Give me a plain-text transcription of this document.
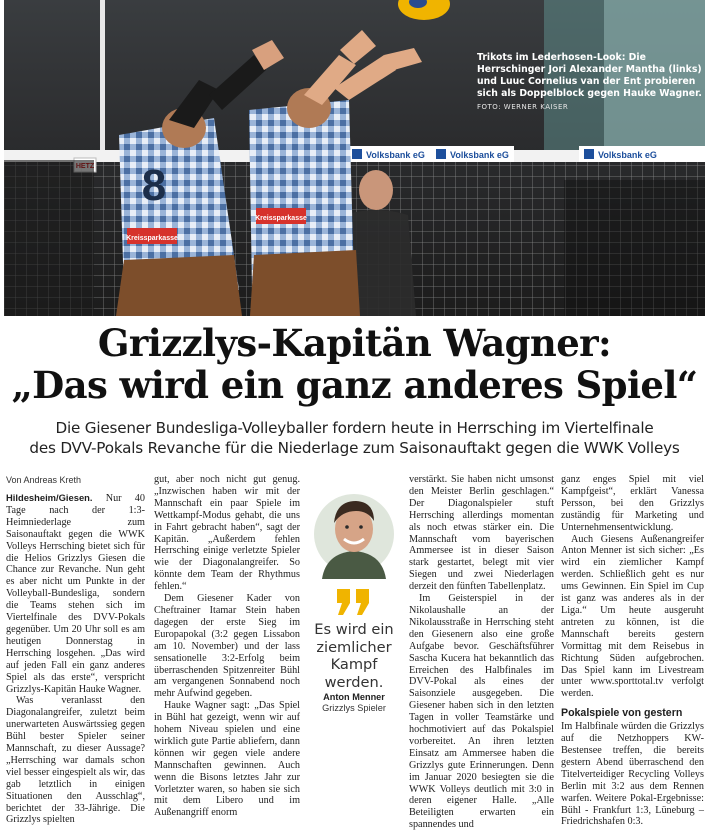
Volksbank eG	Volksbank eG	Volksbank eG
Kreissparkasse
8
Kreissparkasse
Trikots im Lederhosen-Look: Die Herrschinger Jori Alexander Mantha (links) und Luuc Cornelius van der Ent probieren sich als Doppelblock gegen Hauke Wagner.
FOTO: WERNER KAISER
Grizzlys-Kapitän Wagner:
„Das wird ein ganz anderes Spiel“
Die Giesener Bundesliga-Volleyballer fordern heute in Herrsching im Viertelfinale
des DVV-Pokals Revanche für die Niederlage zum Saisonauftakt gegen die WWK Volleys
Von Andreas Kreth

Hildesheim/Giesen. Nur 40 Tage nach der 1:3-Heimniederlage zum Saisonauftakt gegen die WWK Volleys Herrsching bietet sich für die Helios Grizzlys Giesen die Chance zur Revanche. Nun geht es aber nicht um Punkte in der Volleyball-Bundesliga, sondern die Teams stehen sich im Viertelfinale des DVV-Pokals gegenüber. Um 20 Uhr soll es am heutigen Donnerstag in Herrsching losgehen. „Das wird auf jeden Fall ein ganz anderes Spiel als das erste“, verspricht Grizzlys-Kapitän Hauke Wagner.

Was veranlasst den Diagonalangreifer, zuletzt beim unerwarteten Auswärtssieg gegen Bühl bester Spieler seiner Mannschaft, zu dieser Aussage? „Herrsching war damals schon viel besser eingespielt als wir, das gab letztlich in einigen Situationen den Ausschlag“, berichtet der 33-Jährige. Die Grizzlys spielten

gut, aber noch nicht gut genug. „Inzwischen haben wir mit der Mannschaft ein paar Spiele im Wettkampf-Modus gehabt, die uns in Fahrt gebracht haben“, sagt der Kapitän. „Außerdem fehlen Herrsching einige verletzte Spieler wie der Diagonalangreifer. So könnte dem Team der Rhythmus fehlen.“

Dem Giesener Kader von Cheftrainer Itamar Stein haben dagegen der erste Sieg im Europapokal (3:2 gegen Lissabon am 10. November) und der lass sensationelle 3:2-Erfolg beim überraschenden Spitzenreiter Bühl am vergangenen Sonnabend noch mehr Aufwind gegeben.

Hauke Wagner sagt: „Das Spiel in Bühl hat gezeigt, wenn wir auf hohem Niveau spielen und eine wirklich gute Partie abliefern, dann können wir gegen viele andere Mannschaften gewinnen. Auch wenn die Bisons letztes Jahr zur Vorletzter waren, so haben sie sich mit dem Libero und im Außenangriff enorm

Es wird ein ziemlicher Kampf werden.
Anton Menner
Grizzlys Spieler

verstärkt. Sie haben nicht umsonst den Meister Berlin geschlagen.“ Der Diagonalspieler stuft Herrsching allerdings momentan als noch etwas stärker ein. Die Mannschaft vom bayerischen Ammersee ist in dieser Saison stark gestartet, belegt mit vier Siegen und zwei Niederlagen derzeit den fünften Tabellenplatz.

Im Geisterspiel in der Nikolaushalle an der Nikolausstraße in Herrsching steht den Giesenern also eine große Aufgabe bevor. Geschäftsführer Sascha Kucera hat bekanntlich das Erreichen des Halbfinales im DVV-Pokal als eines der Saisonziele ausgegeben. Die Giesener haben sich in den letzten Tagen in voller Teamstärke und hochmotiviert auf das Pokalspiel vorbereitet. An ihren letzten Einsatz am Ammersee haben die Grizzlys gute Erinnerungen. Denn im Januar 2020 besiegten sie die WWK Volleys deutlich mit 3:0 in deren eigener Halle. „Alle Beteiligten erwarten ein spannendes und

ganz enges Spiel mit viel Kampfgeist“, erklärt Vanessa Persson, bei den Grizzlys zuständig für Marketing und Unternehmensentwicklung.

Auch Giesens Außenangreifer Anton Menner ist sich sicher: „Es wird ein ziemlicher Kampf werden. Schließlich geht es nur ums Gewinnen. Ein Spiel im Cup ist ganz was anderes als in der Liga.“ Um heute ausgeruht antreten zu können, ist die Mannschaft bereits gestern Vormittag mit dem Reisebus in Richtung Süden aufgebrochen. Das Spiel kann im Livestream unter www.sporttotal.tv verfolgt werden.

Pokalspiele von gestern

Im Halbfinale würden die Grizzlys auf die Netzhoppers KW-Bestensee treffen, die bereits gestern Abend überraschend den Titelverteidiger Recycling Volleys Berlin mit 3:2 aus dem Rennen warfen. Weitere Pokal-Ergebnisse: Bühl - Frankfurt 1:3, Lüneburg – Friedrichshafen 0:3.
